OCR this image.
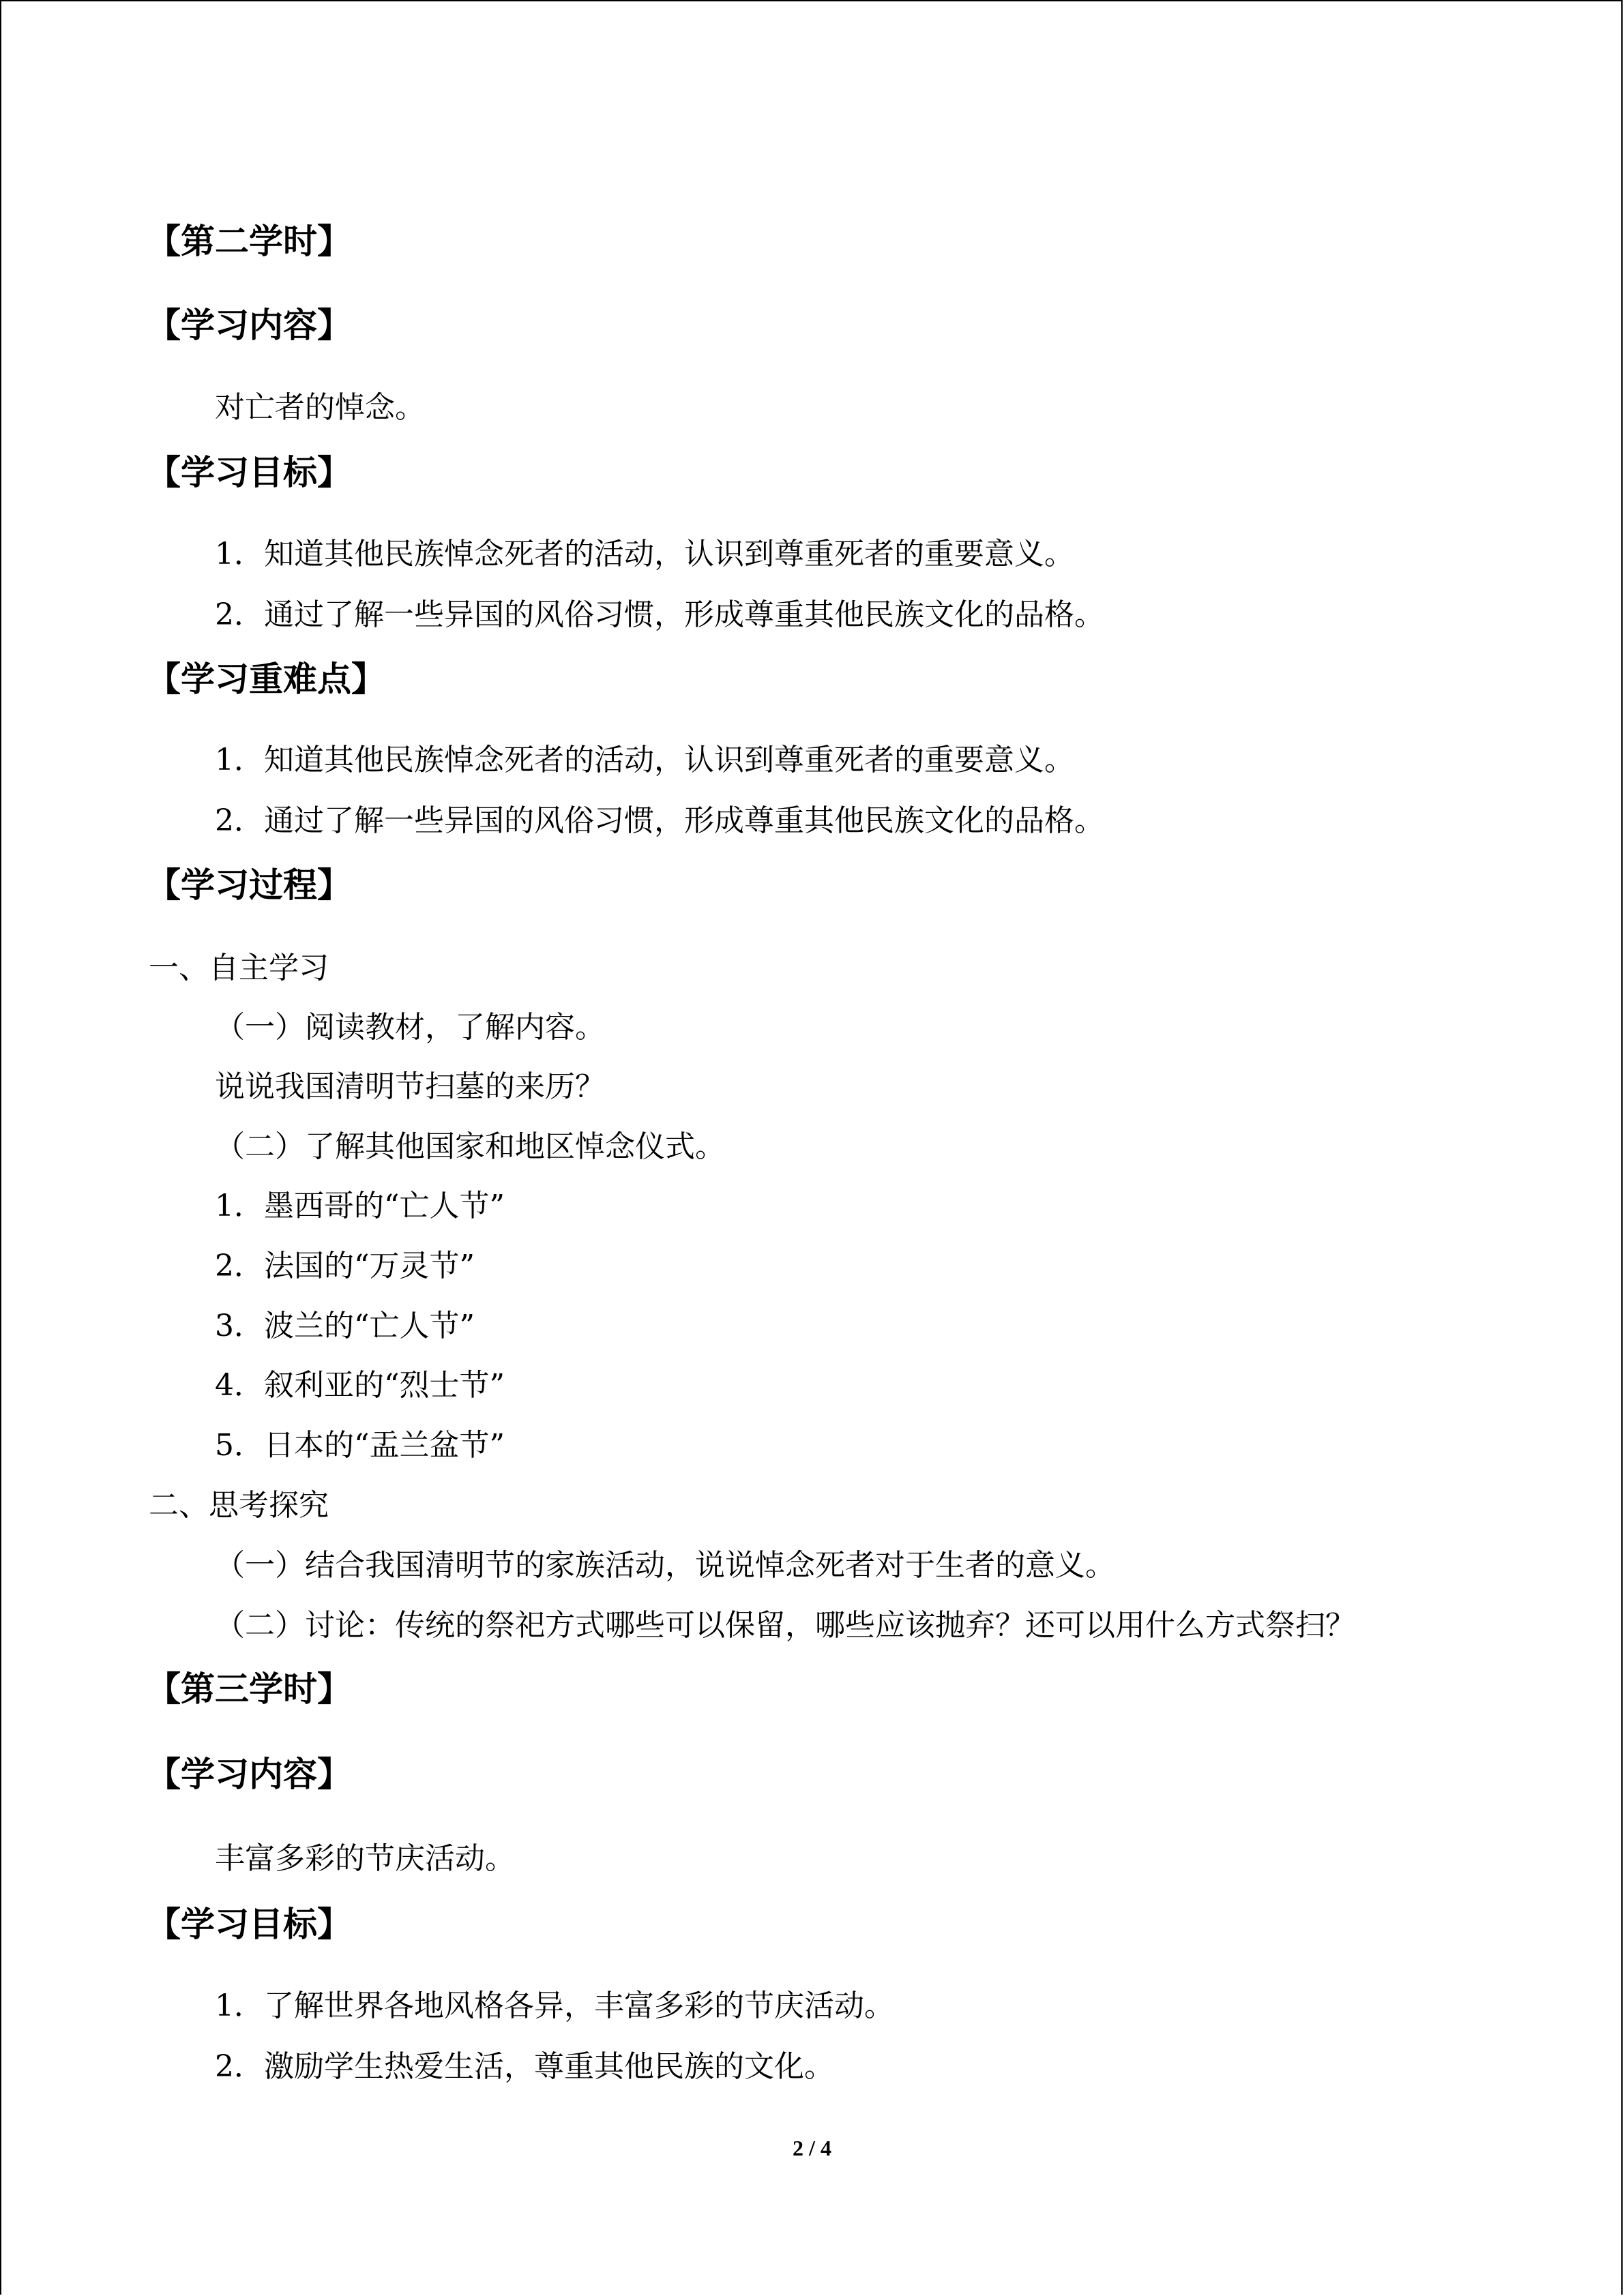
【第二学时】
【学习内容】
对亡者的悼念。
【学习目标】
1．知道其他民族悼念死者的活动，认识到尊重死者的重要意义。
2．通过了解一些异国的风俗习惯，形成尊重其他民族文化的品格。
【学习重难点】
1．知道其他民族悼念死者的活动，认识到尊重死者的重要意义。
2．通过了解一些异国的风俗习惯，形成尊重其他民族文化的品格。
【学习过程】
一、自主学习
（一）阅读教材，了解内容。
说说我国清明节扫墓的来历？
（二）了解其他国家和地区悼念仪式。
1．墨西哥的“亡人节”
2．法国的“万灵节”
3．波兰的“亡人节”
4．叙利亚的“烈士节”
5．日本的“盂兰盆节”
二、思考探究
（一）结合我国清明节的家族活动，说说悼念死者对于生者的意义。
（二）讨论：传统的祭祀方式哪些可以保留，哪些应该抛弃？还可以用什么方式祭扫？
【第三学时】
【学习内容】
丰富多彩的节庆活动。
【学习目标】
1．了解世界各地风格各异，丰富多彩的节庆活动。
2．激励学生热爱生活，尊重其他民族的文化。
2 / 4
